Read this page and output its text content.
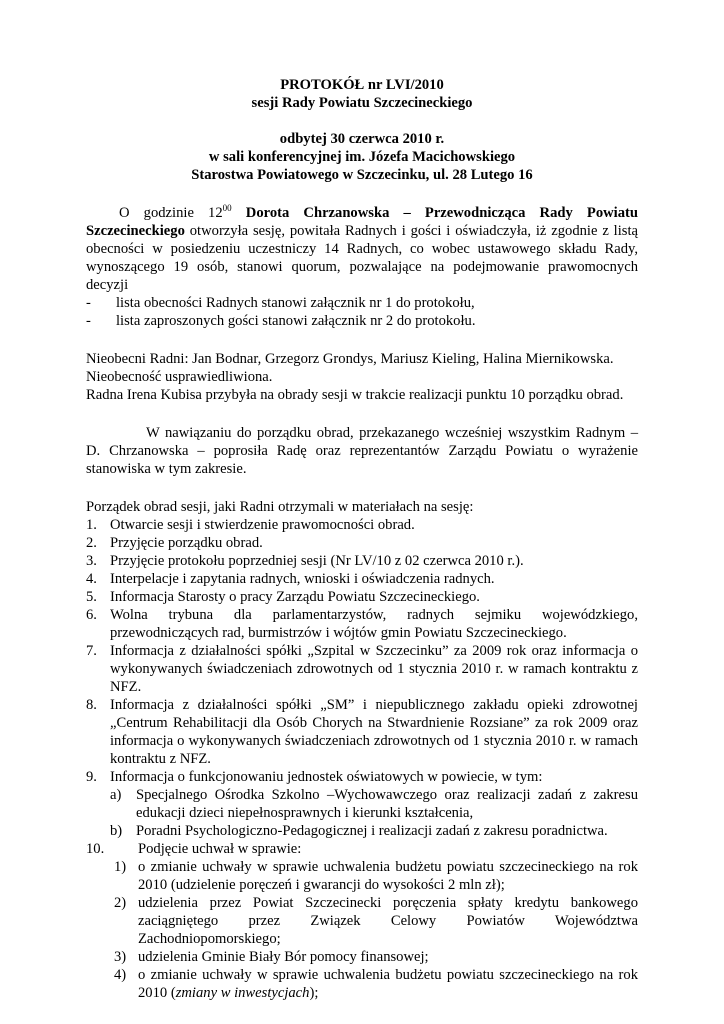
PROTOKÓŁ nr LVI/2010
sesji Rady Powiatu Szczecineckiego
odbytej 30 czerwca 2010 r.
w sali konferencyjnej im. Józefa Macichowskiego
Starostwa Powiatowego w Szczecinku, ul. 28 Lutego 16

O godzinie $12^{00}$ Dorota Chrzanowska – Przewodnicząca Rady Powiatu Szczecineckiego otworzyła sesję, powitała Radnych i gości i oświadczyła, iż zgodnie z listą obecności w posiedzeniu uczestniczy 14 Radnych, co wobec ustawowego składu Rady, wynoszącego 19 osób, stanowi quorum, pozwalające na podejmowanie prawomocnych decyzji

-	lista obecności Radnych stanowi załącznik nr 1 do protokołu,
-	lista zaproszonych gości stanowi załącznik nr 2 do protokołu.

Nieobecni Radni: Jan Bodnar, Grzegorz Grondys, Mariusz Kieling, Halina Miernikowska.

Nieobecność usprawiedliwiona.

Radna Irena Kubisa przybyła na obrady sesji w trakcie realizacji punktu 10 porządku obrad.

W nawiązaniu do porządku obrad, przekazanego wcześniej wszystkim Radnym – D. Chrzanowska – poprosiła Radę oraz reprezentantów Zarządu Powiatu o wyrażenie stanowiska w tym zakresie.

Porządek obrad sesji, jaki Radni otrzymali w materiałach na sesję:

1. Otwarcie sesji i stwierdzenie prawomocności obrad.
2. Przyjęcie porządku obrad.
3. Przyjęcie protokołu poprzedniej sesji (Nr LV/10 z 02 czerwca 2010 r.).
4. Interpelacje i zapytania radnych, wnioski i oświadczenia radnych.
5. Informacja Starosty o pracy Zarządu Powiatu Szczecineckiego.
6. Wolna trybuna dla parlamentarzystów, radnych sejmiku wojewódzkiego, przewodniczących rad, burmistrzów i wójtów gmin Powiatu Szczecineckiego.
7. Informacja z działalności spółki „Szpital w Szczecinku” za 2009 rok oraz informacja o wykonywanych świadczeniach zdrowotnych od 1 stycznia 2010 r. w ramach kontraktu z NFZ.
8. Informacja z działalności spółki „SM” i niepublicznego zakładu opieki zdrowotnej „Centrum Rehabilitacji dla Osób Chorych na Stwardnienie Rozsiane” za rok 2009 oraz informacja o wykonywanych świadczeniach zdrowotnych od 1 stycznia 2010 r. w ramach kontraktu z NFZ.
9. Informacja o funkcjonowaniu jednostek oświatowych w powiecie, w tym:
a)	Specjalnego Ośrodka Szkolno –Wychowawczego oraz realizacji zadań z zakresu edukacji dzieci niepełnosprawnych i kierunki kształcenia,
b) Poradni Psychologiczno-Pedagogicznej i realizacji zadań z zakresu poradnictwa.
10.	Podjęcie uchwał w sprawie:
1) o zmianie uchwały w sprawie uchwalenia budżetu powiatu szczecineckiego na rok 2010 (udzielenie poręczeń i gwarancji do wysokości 2 mln zł);
2) udzielenia przez Powiat Szczecinecki poręczenia spłaty kredytu bankowego zaciągniętego przez Związek Celowy Powiatów Województwa Zachodniopomorskiego;
3) udzielenia Gminie Biały Bór pomocy finansowej;
4) o zmianie uchwały w sprawie uchwalenia budżetu powiatu szczecineckiego na rok 2010 (zmiany w inwestycjach);
